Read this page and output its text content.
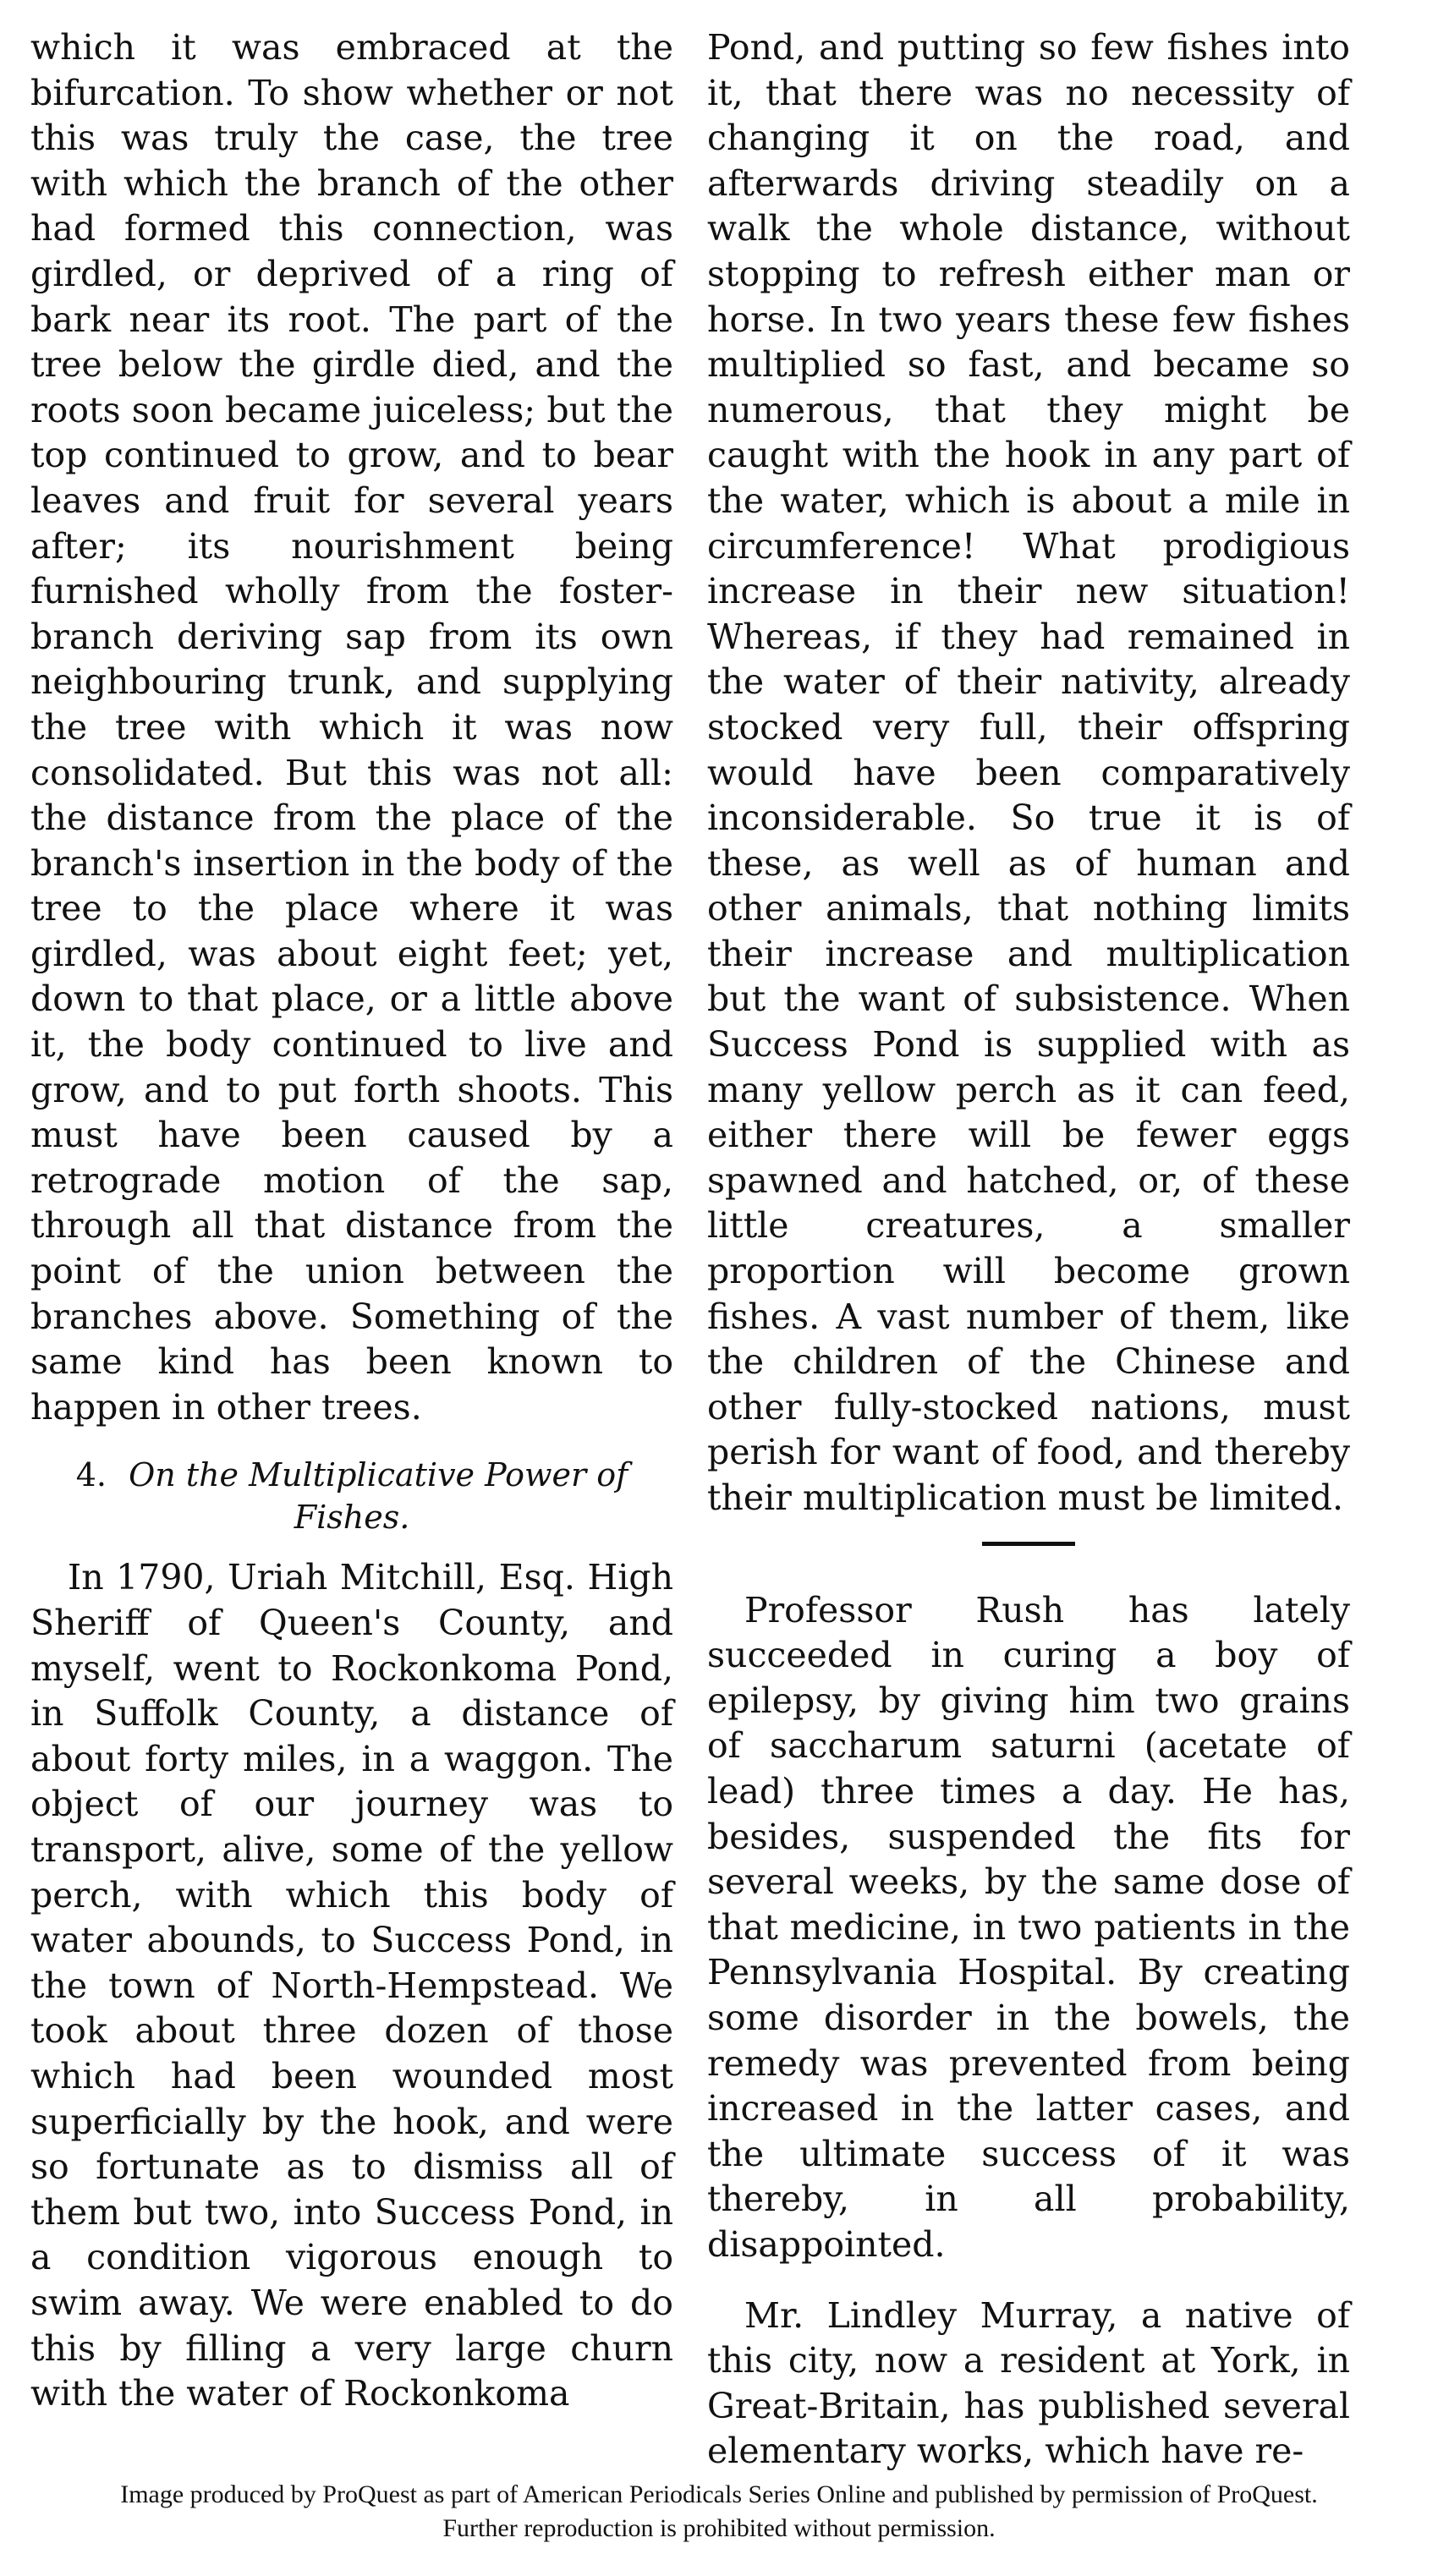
which it was embraced at the bifurcation. To show whether or not this was truly the case, the tree with which the branch of the other had formed this connection, was girdled, or deprived of a ring of bark near its root. The part of the tree below the girdle died, and the roots soon became juiceless; but the top continued to grow, and to bear leaves and fruit for several years after; its nourishment being furnished wholly from the foster-branch deriving sap from its own neighbouring trunk, and supplying the tree with which it was now consolidated. But this was not all: the distance from the place of the branch's insertion in the body of the tree to the place where it was girdled, was about eight feet; yet, down to that place, or a little above it, the body continued to live and grow, and to put forth shoots. This must have been caused by a retrograde motion of the sap, through all that distance from the point of the union between the branches above. Something of the same kind has been known to happen in other trees.

4. On the Multiplicative Power of Fishes.

In 1790, Uriah Mitchill, Esq. High Sheriff of Queen's County, and myself, went to Rockonkoma Pond, in Suffolk County, a distance of about forty miles, in a waggon. The object of our journey was to transport, alive, some of the yellow perch, with which this body of water abounds, to Success Pond, in the town of North-Hempstead. We took about three dozen of those which had been wounded most superficially by the hook, and were so fortunate as to dismiss all of them but two, into Success Pond, in a condition vigorous enough to swim away. We were enabled to do this by filling a very large churn with the water of Rockonkoma

Pond, and putting so few fishes into it, that there was no necessity of changing it on the road, and afterwards driving steadily on a walk the whole distance, without stopping to refresh either man or horse. In two years these few fishes multiplied so fast, and became so numerous, that they might be caught with the hook in any part of the water, which is about a mile in circumference! What prodigious increase in their new situation! Whereas, if they had remained in the water of their nativity, already stocked very full, their offspring would have been comparatively inconsiderable. So true it is of these, as well as of human and other animals, that nothing limits their increase and multiplication but the want of subsistence. When Success Pond is supplied with as many yellow perch as it can feed, either there will be fewer eggs spawned and hatched, or, of these little creatures, a smaller proportion will become grown fishes. A vast number of them, like the children of the Chinese and other fully-stocked nations, must perish for want of food, and thereby their multiplication must be limited.

Professor Rush has lately succeeded in curing a boy of epilepsy, by giving him two grains of saccharum saturni (acetate of lead) three times a day. He has, besides, suspended the fits for several weeks, by the same dose of that medicine, in two patients in the Pennsylvania Hospital. By creating some disorder in the bowels, the remedy was prevented from being increased in the latter cases, and the ultimate success of it was thereby, in all probability, disappointed.

Mr. Lindley Murray, a native of this city, now a resident at York, in Great-Britain, has published several elementary works, which have re-

Image produced by ProQuest as part of American Periodicals Series Online and published by permission of ProQuest.
Further reproduction is prohibited without permission.
